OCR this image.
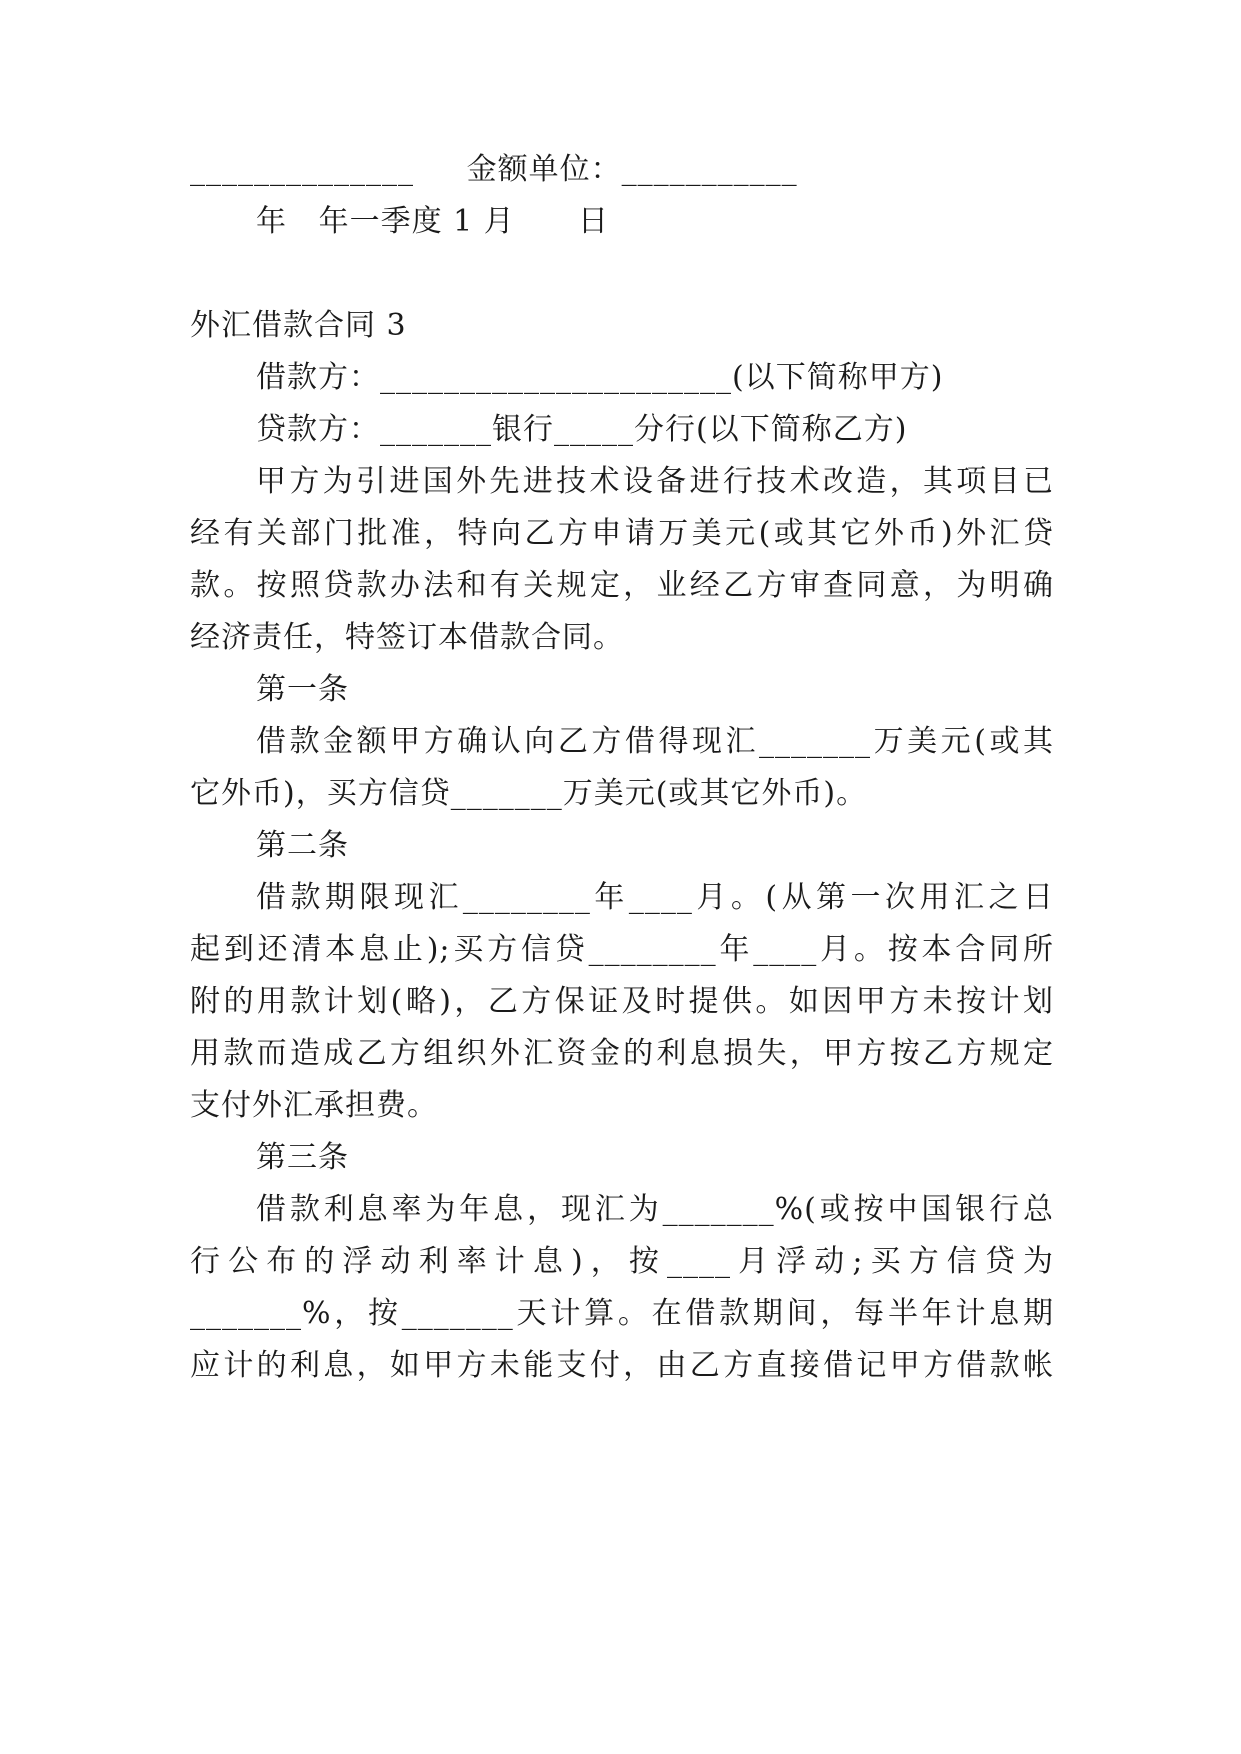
______________     金额单位：___________
年   年一季度 1 月      日
外汇借款合同 3
借款方：______________________(以下简称甲方)
贷款方：_______银行_____分行(以下简称乙方)
甲方为引进国外先进技术设备进行技术改造，其项目已
经有关部门批准，特向乙方申请万美元(或其它外币)外汇贷
款。按照贷款办法和有关规定，业经乙方审查同意，为明确
经济责任，特签订本借款合同。
第一条
借款金额甲方确认向乙方借得现汇_______万美元(或其
它外币)，买方信贷_______万美元(或其它外币)。
第二条
借款期限现汇________年____月。(从第一次用汇之日
起到还清本息止);买方信贷________年____月。按本合同所
附的用款计划(略)，乙方保证及时提供。如因甲方未按计划
用款而造成乙方组织外汇资金的利息损失，甲方按乙方规定
支付外汇承担费。
第三条
借款利息率为年息，现汇为_______%(或按中国银行总
行公布的浮动利率计息)，按____月浮动;买方信贷为
_______%，按_______天计算。在借款期间，每半年计息期
应计的利息，如甲方未能支付，由乙方直接借记甲方借款帐
